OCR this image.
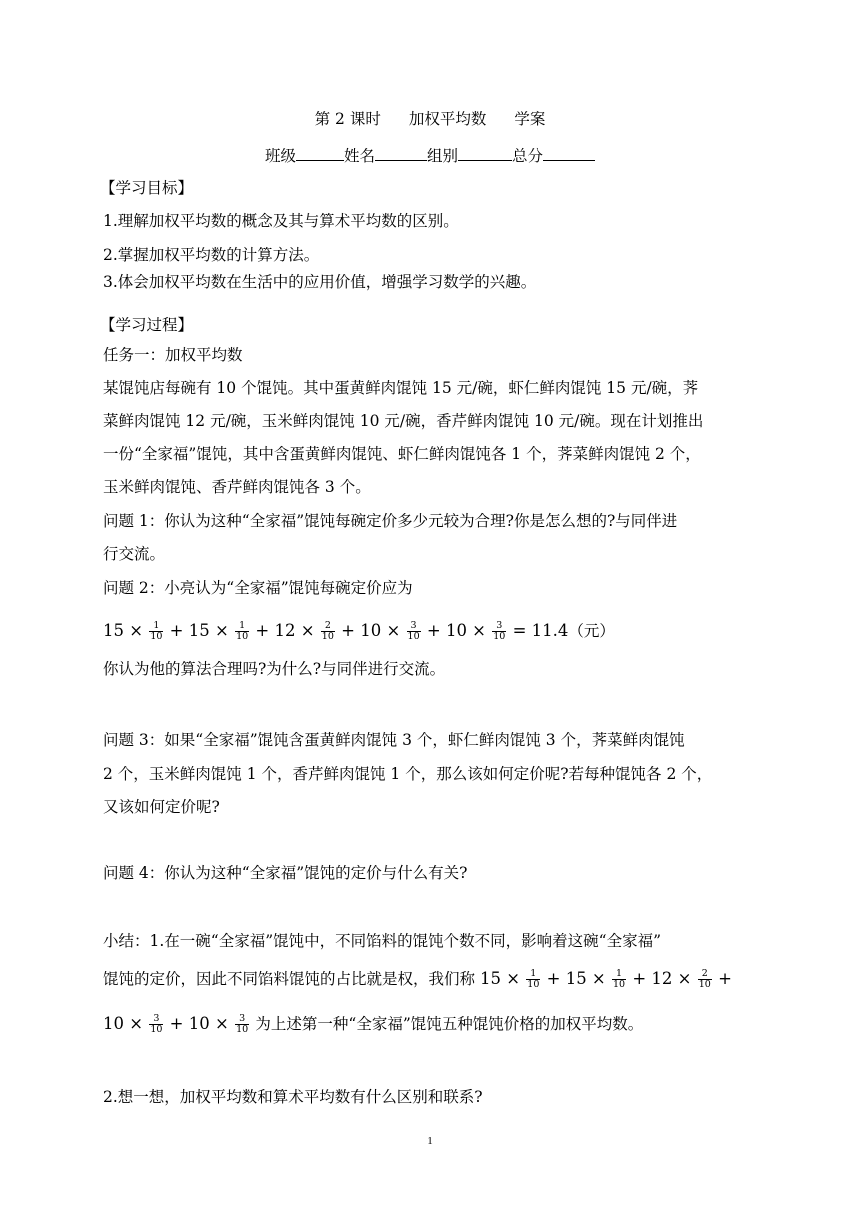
第 2 课时 加权平均数 学案
班级	姓名	组别	总分
【学习目标】
1.理解加权平均数的概念及其与算术平均数的区别。
2.掌握加权平均数的计算方法。
3.体会加权平均数在生活中的应用价值，增强学习数学的兴趣。
【学习过程】
任务一：加权平均数
某馄饨店每碗有 10 个馄饨。其中蛋黄鲜肉馄饨 15 元/碗，虾仁鲜肉馄饨 15 元/碗，荠
菜鲜肉馄饨 12 元/碗，玉米鲜肉馄饨 10 元/碗，香芹鲜肉馄饨 10 元/碗。现在计划推出
一份“全家福”馄饨，其中含蛋黄鲜肉馄饨、虾仁鲜肉馄饨各 1 个，荠菜鲜肉馄饨 2 个，
玉米鲜肉馄饨、香芹鲜肉馄饨各 3 个。
问题 1：你认为这种“全家福”馄饨每碗定价多少元较为合理?你是怎么想的?与同伴进
行交流。
问题 2：小亮认为“全家福”馄饨每碗定价应为
$15 \times \frac{1}{10} + 15 \times \frac{1}{10} + 12 \times \frac{2}{10} + 10 \times \frac{3}{10} + 10 \times \frac{3}{10} = 11.4$（元）
你认为他的算法合理吗?为什么?与同伴进行交流。
问题 3：如果“全家福”馄饨含蛋黄鲜肉馄饨 3 个，虾仁鲜肉馄饨 3 个，荠菜鲜肉馄饨
2 个，玉米鲜肉馄饨 1 个，香芹鲜肉馄饨 1 个，那么该如何定价呢?若每种馄饨各 2 个，
又该如何定价呢?
问题 4：你认为这种“全家福”馄饨的定价与什么有关?
小结：1.在一碗“全家福”馄饨中，不同馅料的馄饨个数不同，影响着这碗“全家福”
馄饨的定价，因此不同馅料馄饨的占比就是权，我们称 $15 \times \frac{1}{10} + 15 \times \frac{1}{10} + 12 \times \frac{2}{10}$ +
$10 \times \frac{3}{10} + 10 \times \frac{3}{10}$ 为上述第一种“全家福”馄饨五种馄饨价格的加权平均数。
2.想一想，加权平均数和算术平均数有什么区别和联系?
1
